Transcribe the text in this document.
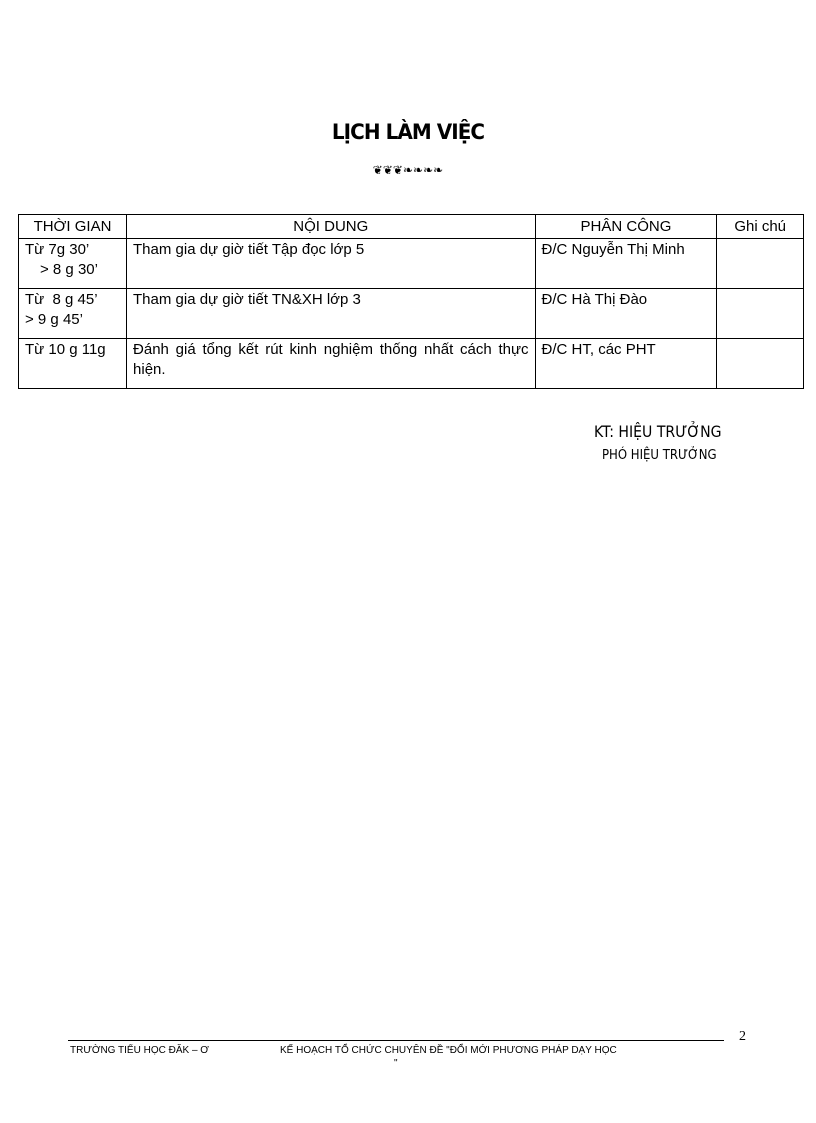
LỊCH LÀM VIỆC
❦❦❦❧❧❧❧
THỜI GIAN	NỘI DUNG	PHÂN CÔNG	Ghi chú

Từ 7g 30’
> 8 g 30’	Tham gia dự giờ tiết Tập đọc lớp 5	Đ/C Nguyễn Thị Minh	

Từ  8 g 45’
> 9 g 45’	Tham gia dự giờ tiết TN&XH lớp 3	Đ/C Hà Thị Đào	

Từ 10 g 11g	Đánh giá tổng kết rút kinh nghiệm thống nhất cách thực hiện.	Đ/C HT, các PHT	
KT: HIỆU TRƯỞNG
PHÓ HIỆU TRƯỞNG
2
TRƯỜNG TIỂU HỌC ĐĂK – Ơ	KẾ HOẠCH TỔ CHỨC CHUYÊN ĐỀ "ĐỔI MỚI PHƯƠNG PHÁP DẠY HỌC
"
